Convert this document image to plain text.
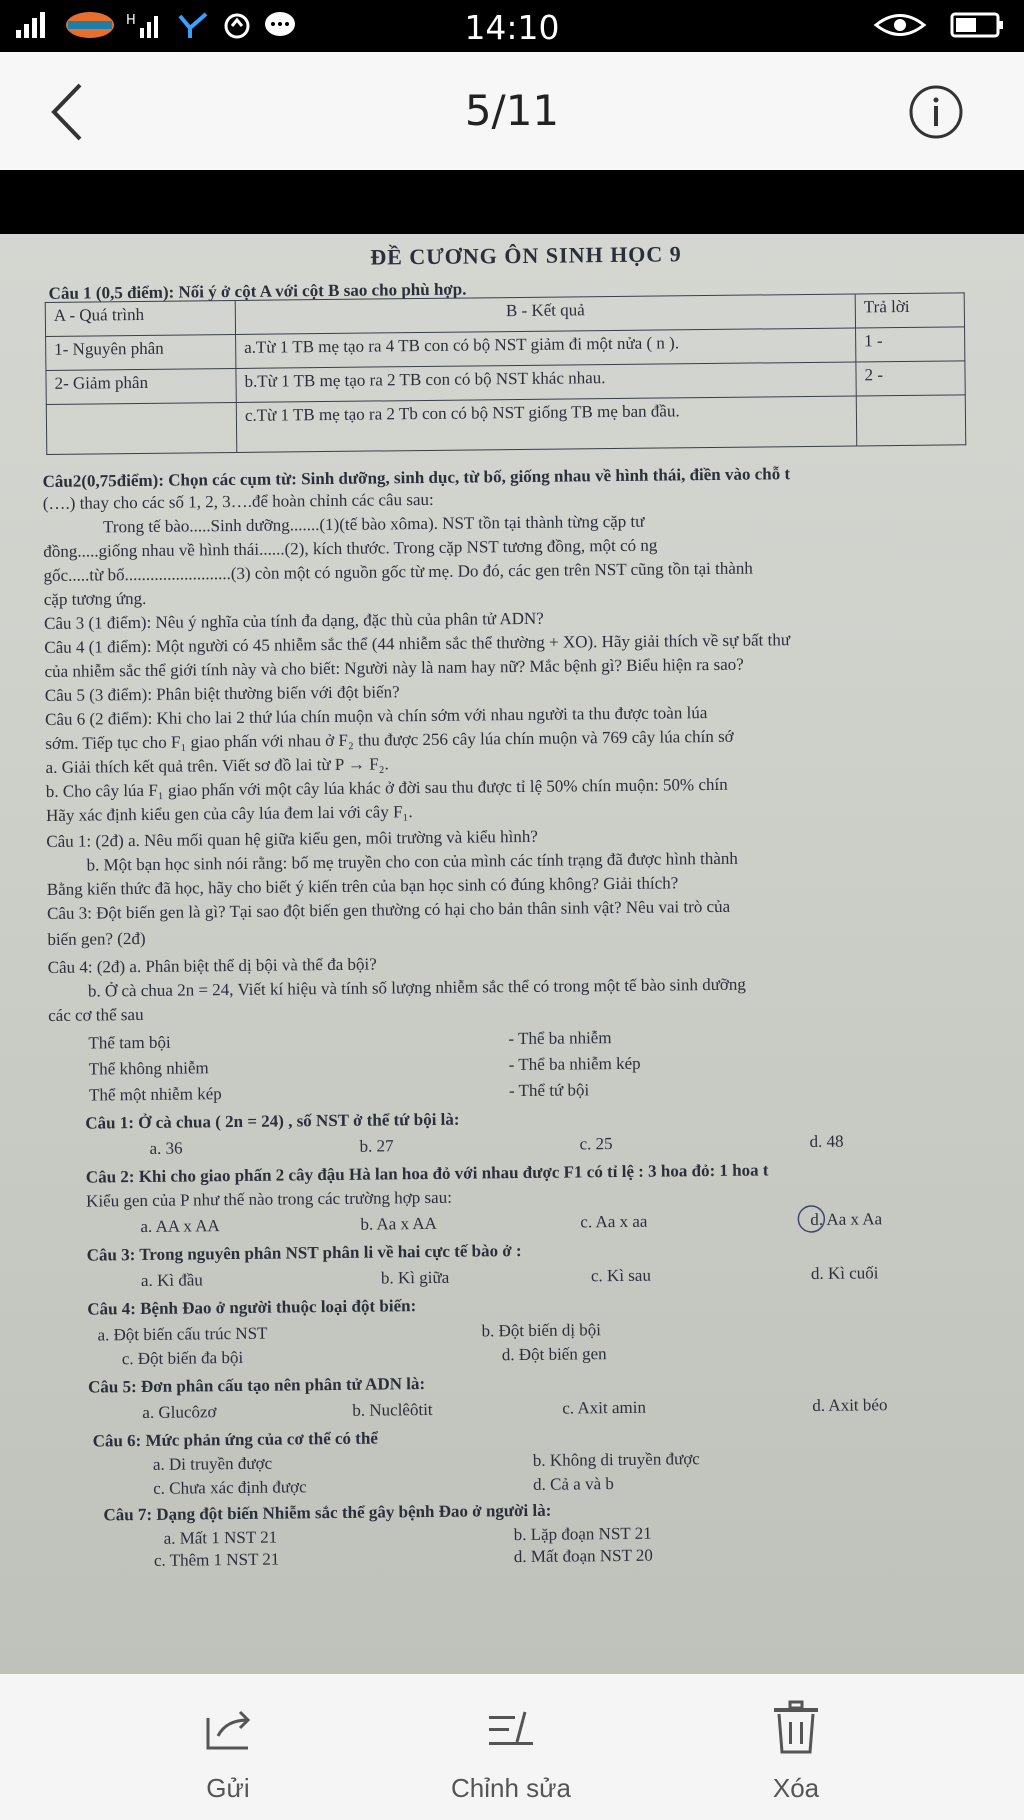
H	14:10
5/11
ĐỀ CƯƠNG ÔN SINH HỌC 9
Câu 1 (0,5 điểm): Nối ý ở cột A với cột B sao cho phù hợp.
A - Quá trình	B - Kết quả	Trả lời
1- Nguyên phân	a.Từ 1 TB mẹ tạo ra 4 TB con có bộ NST giảm đi một nửa ( n ).	1 -
2- Giảm phân	b.Từ 1 TB mẹ tạo ra 2 TB con có bộ NST khác nhau.	2 -
	c.Từ 1 TB mẹ tạo ra 2 Tb con có bộ NST giống TB mẹ ban đầu.	
Câu2(0,75điểm): Chọn các cụm từ: Sinh dưỡng, sinh dục, từ bố, giống nhau về hình thái, điền vào chỗ t
(….) thay cho các số 1, 2, 3….để hoàn chỉnh các câu sau:
Trong tế bào.....Sinh dưỡng.......(1)(tế bào xôma). NST tồn tại thành từng cặp tư
đồng.....giống nhau về hình thái......(2), kích thước. Trong cặp NST tương đồng, một có ng
gốc.....từ bố.........................(3) còn một có nguồn gốc từ mẹ. Do đó, các gen trên NST cũng tồn tại thành
cặp tương ứng.
Câu 3 (1 điểm): Nêu ý nghĩa của tính đa dạng, đặc thù của phân tử ADN?
Câu 4 (1 điểm): Một người có 45 nhiễm sắc thể (44 nhiễm sắc thể thường + XO). Hãy giải thích về sự bất thư
của nhiễm sắc thể giới tính này và cho biết: Người này là nam hay nữ? Mắc bệnh gì? Biểu hiện ra sao?
Câu 5 (3 điểm): Phân biệt thường biến với đột biến?
Câu 6 (2 điểm): Khi cho lai 2 thứ lúa chín muộn và chín sớm với nhau người ta thu được toàn lúa
sớm. Tiếp tục cho F₁ giao phấn với nhau ở F₂ thu được 256 cây lúa chín muộn và 769 cây lúa chín sớ
a. Giải thích kết quả trên. Viết sơ đồ lai từ P → F₂.
b. Cho cây lúa F₁ giao phấn với một cây lúa khác ở đời sau thu được tỉ lệ 50% chín muộn: 50% chín
Hãy xác định kiểu gen của cây lúa đem lai với cây F₁.
Câu 1: (2đ) a. Nêu mối quan hệ giữa kiểu gen, môi trường và kiểu hình?
b. Một bạn học sinh nói rằng: bố mẹ truyền cho con của mình các tính trạng đã được hình thành
Bằng kiến thức đã học, hãy cho biết ý kiến trên của bạn học sinh có đúng không? Giải thích?
Câu 3: Đột biến gen là gì? Tại sao đột biến gen thường có hại cho bản thân sinh vật? Nêu vai trò của
biến gen? (2đ)
Câu 4: (2đ) a. Phân biệt thể dị bội và thể đa bội?
b. Ở cà chua 2n = 24, Viết kí hiệu và tính số lượng nhiễm sắc thể có trong một tế bào sinh dưỡng
các cơ thể sau
Thể tam bội	- Thể ba nhiễm
Thể không nhiễm	- Thể ba nhiễm kép
Thể một nhiễm kép	- Thể tứ bội
Câu 1: Ở cà chua ( 2n = 24) , số NST ở thể tứ bội là:
a. 36	b. 27	c. 25	d. 48
Câu 2: Khi cho giao phấn 2 cây đậu Hà lan hoa đỏ với nhau được F1 có tỉ lệ : 3 hoa đỏ: 1 hoa t
Kiểu gen của P như thế nào trong các trường hợp sau:
a. AA x AA	b. Aa x AA	c. Aa x aa	d. Aa x Aa
Câu 3: Trong nguyên phân NST phân li về hai cực tế bào ở :
a. Kì đầu	b. Kì giữa	c. Kì sau	d. Kì cuối
Câu 4: Bệnh Đao ở người thuộc loại đột biến:
a. Đột biến cấu trúc NST	b. Đột biến dị bội
c. Đột biến đa bội	d. Đột biến gen
Câu 5: Đơn phân cấu tạo nên phân tử ADN là:
a. Glucôzơ	b. Nuclêôtit	c. Axit amin	d. Axit béo
Câu 6: Mức phản ứng của cơ thể có thể
a. Di truyền được	b. Không di truyền được
c. Chưa xác định được	d. Cả a và b
Câu 7: Dạng đột biến Nhiễm sắc thể gây bệnh Đao ở người là:
a. Mất 1 NST 21	b. Lặp đoạn NST 21
c. Thêm 1 NST 21	d. Mất đoạn NST 20
Gửi	Chỉnh sửa	Xóa
